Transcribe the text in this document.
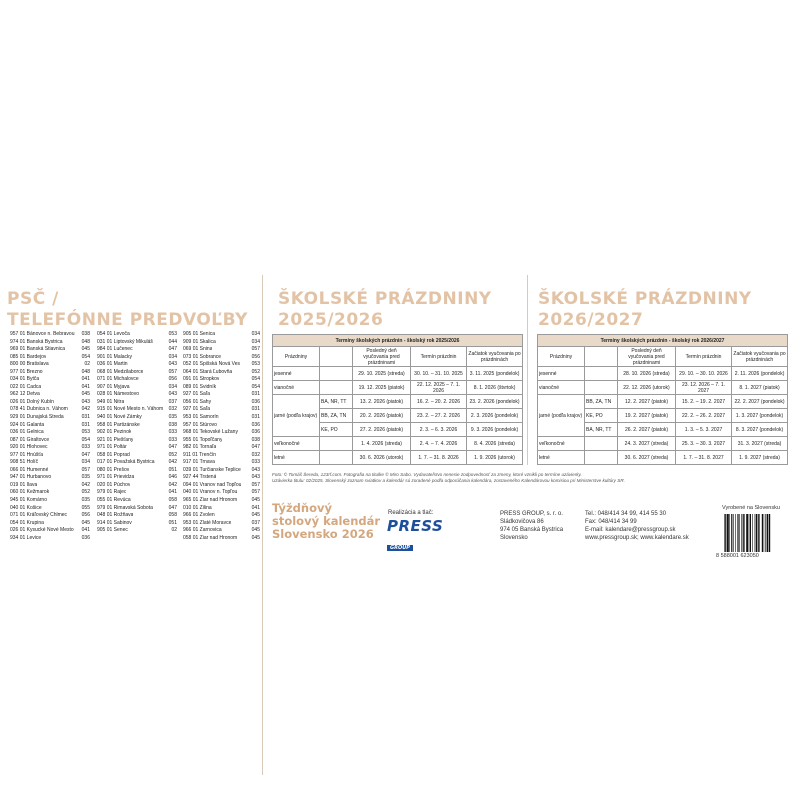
PSČ /
TELEFÓNNE PREDVOĽBY
957 01 Bánovce n. Bebravou 038
974 01 Banská Bystrica	048
969 01 Banská Štiavnica	045
085 01 Bardejov	054
800 00 Bratislava	02
977 01 Brezno	048
034 01 Bytča	041
022 01 Čadca	041
962 12 Detva	045
026 01 Dolný Kubín	043
078 41 Dubnica n. Váhom	042
929 01 Dunajská Streda	031
924 01 Galanta	031
036 01 Gelnica	053
087 01 Giraltovce	054
920 01 Hlohovec	033
977 01 Hnúšťa	047
908 51 Holíč	034
066 01 Humenné	057
947 01 Hurbanovo	035
019 01 Ilava	042
060 01 Kežmarok	052
945 01 Komárno	035
040 01 Košice	055
071 01 Kráľovský Chlmec	056
054 01 Krupina	045
026 01 Kysucké Nové Mesto 041
934 01 Levice	036
054 01 Levoča	053
031 01 Liptovský Mikuláš	044
984 01 Lučenec	047
901 01 Malacky	034
036 01 Martin	043
068 01 Medzilaborce	057
071 01 Michalovce	056
907 01 Myjava	034
028 01 Námestovo	043
949 01 Nitra	037
915 01 Nové Mesto n. Váhom 032
940 01 Nové Zámky	035
958 01 Partizánske	038
902 01 Pezinok	033
921 01 Piešťany	033
971 01 Poltár	047
058 01 Poprad	052
017 01 Považská Bystrica	042
080 01 Prešov	051
971 01 Prievidza	046
020 01 Púchov	042
979 01 Rajec	041
055 01 Revúca	058
979 01 Rimavská Sobota	047
048 01 Rožňava	058
914 01 Sabinov	051
905 01 Senec	02
905 01 Senica	034
909 01 Skalica	034
069 01 Snina	057
073 01 Sobrance	056
052 01 Spišská Nová Ves 053
064 01 Stará Ľubovňa	052
091 01 Stropkov	054
089 01 Svidník	054
927 01 Šaľa	031
056 01 Šahy	036
927 01 Šaľa	031
953 01 Šamorín	031
957 01 Štúrovo	036
968 01 Tekovské Lužany	036
955 01 Topoľčany	038
982 01 Tornaľa	047
911 01 Trenčín	032
917 01 Trnava	033
039 01 Turčianske Teplice 043
927 44 Trstená	043
094 01 Vranov nad Topľou 057
040 01 Vranov n. Topľou	057
965 01 Žiar nad Hronom	045
010 01 Žilina	041
966 01 Zvolen	045
953 01 Zlaté Moravce	037
966 01 Žarnovica	045
058 01 Žiar nad Hronom	045
ŠKOLSKÉ PRÁZDNINY
2025/2026
Termíny školských prázdnin - školský rok 2025/2026				
Prázdniny		Posledný deň vyučovania pred prázdninami	Termín prázdnin	Začiatok vyučovania po prázdninách
jesenné		29. 10. 2025 (streda)	30. 10. – 31. 10. 2025	3. 11. 2025 (pondelok)
vianočné		19. 12. 2025 (piatok)	22. 12. 2025 – 7. 1. 2026	8. 1. 2026 (štvrtok)
jarné (podľa krajov)	BA, NR, TT	13. 2. 2026 (piatok)	16. 2. – 20. 2. 2026	23. 2. 2026 (pondelok)
	BB, ZA, TN	20. 2. 2026 (piatok)	23. 2. – 27. 2. 2026	2. 3. 2026 (pondelok)
	KE, PO	27. 2. 2026 (piatok)	2. 3. – 6. 3. 2026	9. 3. 2026 (pondelok)
veľkonočné		1. 4. 2026 (streda)	2. 4. – 7. 4. 2026	8. 4. 2026 (streda)
letné		30. 6. 2026 (utorok)	1. 7. – 31. 8. 2026	1. 9. 2026 (utorok)
ŠKOLSKÉ PRÁZDNINY
2026/2027
Termíny školských prázdnin - školský rok 2026/2027				
Prázdniny		Posledný deň vyučovania pred prázdninami	Termín prázdnin	Začiatok vyučovania po prázdninách
jesenné		28. 10. 2026 (streda)	29. 10. – 30. 10. 2026	2. 11. 2026 (pondelok)
vianočné		22. 12. 2026 (utorok)	23. 12. 2026 – 7. 1. 2027	8. 1. 2027 (piatok)
jarné (podľa krajov)	BB, ZA, TN	12. 2. 2027 (piatok)	15. 2. – 19. 2. 2027	22. 2. 2027 (pondelok)
	KE, PO	19. 2. 2027 (piatok)	22. 2. – 26. 2. 2027	1. 3. 2027 (pondelok)
	BA, NR, TT	26. 2. 2027 (piatok)	1. 3. – 5. 3. 2027	8. 3. 2027 (pondelok)
veľkonočné		24. 3. 2027 (streda)	25. 3. – 30. 3. 2027	31. 3. 2027 (streda)
letné		30. 6. 2027 (streda)	1. 7. – 31. 8. 2027	1. 9. 2027 (streda)
Foto: © Tomáš Šereda, 123rf.com. Fotografia na titulke © Miro Sabo. Vydavateľstvo nenesie zodpovednosť za zmeny, ktoré vznikli po termíne uzávierky.
Uzávierka titulu: 02/2025. Slovenský zoznam sviatkov a kalendár sú zoradené podľa odporúčania kalendára, zostaveného Kalendárovou komisiou pri Ministerstve kultúry SR.
Týždňový
stolový kalendár
Slovensko 2026
Realizácia a tlač:
PRESS
GROUP
PRESS GROUP, s. r. o.
Sládkovičova 86
974 05 Banská Bystrica
Slovensko
Tel.: 048/414 34 99, 414 55 30
Fax: 048/414 34 99
E-mail: kalendare@pressgroup.sk
www.pressgroup.sk; www.kalendare.sk
Vyrobené na Slovensku
8 588001 623050
